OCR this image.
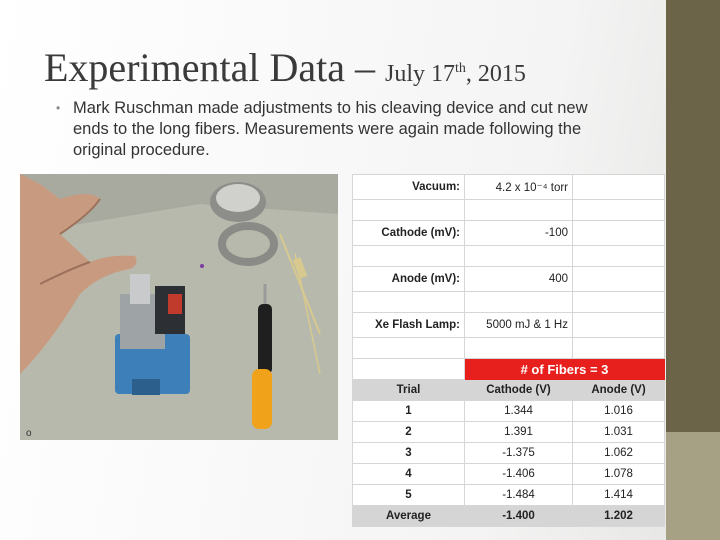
Experimental Data – July 17th, 2015
• Mark Ruschman made adjustments to his cleaving device and cut new ends to the long fibers. Measurements were again made following the original procedure.
o
Vacuum:	4.2 x 10⁻⁴ torr	

Cathode (mV):	-100	

Anode (mV):	400	

Xe Flash Lamp:	5000 mJ & 1 Hz	

	# of Fibers = 3	
Trial	Cathode (V)	Anode (V)
1	1.344	1.016
2	1.391	1.031
3	-1.375	1.062
4	-1.406	1.078
5	-1.484	1.414
Average	-1.400	1.202
